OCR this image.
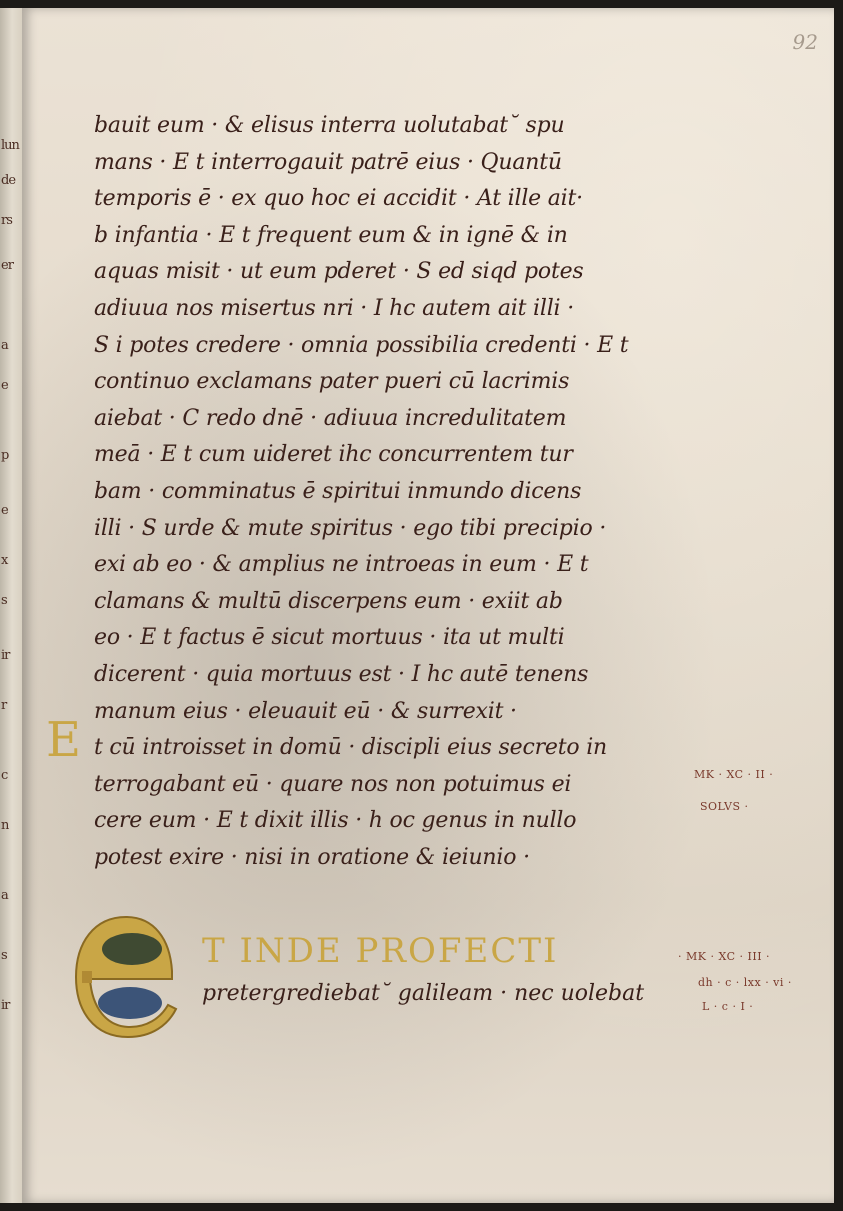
lun
de
rs
er
a
e
p
e
x
s
ir
r
c
n
a
s
ir
92
bauit eum · & elisus interra uolutabat˘ spu
mans · E t interrogauit patrē eius · Quantū
temporis ē · ex quo hoc ei accidit · At ille ait·
b infantia · E t frequent eum & in ignē & in
aquas misit · ut eum pderet · S ed siqd potes
adiuua nos misertus nri · I hc autem ait illi ·
S i potes credere · omnia possibilia credenti · E t
continuo exclamans pater pueri cū lacrimis
aiebat · C redo dnē · adiuua incredulitatem
meā · E t cum uideret ihc concurrentem tur
bam · comminatus ē spiritui inmundo dicens
illi · S urde & mute spiritus · ego tibi precipio ·
exi ab eo · & amplius ne introeas in eum · E t
clamans & multū discerpens eum · exiit ab
eo · E t factus ē sicut mortuus · ita ut multi
dicerent · quia mortuus est · I hc autē tenens
manum eius · eleuauit eū · & surrexit ·
E t cū introisset in domū · discipli eius secreto in
terrogabant eū · quare nos non potuimus ei
cere eum · E t dixit illis · h oc genus in nullo
potest exire · nisi in oratione & ieiunio ·
MK · XC · II ·
SOLVS ·
· MK · XC · III ·
dh · c · lxx · vi ·
L · c · I ·
T INDE PROFECTI
pretergrediebat˘ galileam · nec uolebat
